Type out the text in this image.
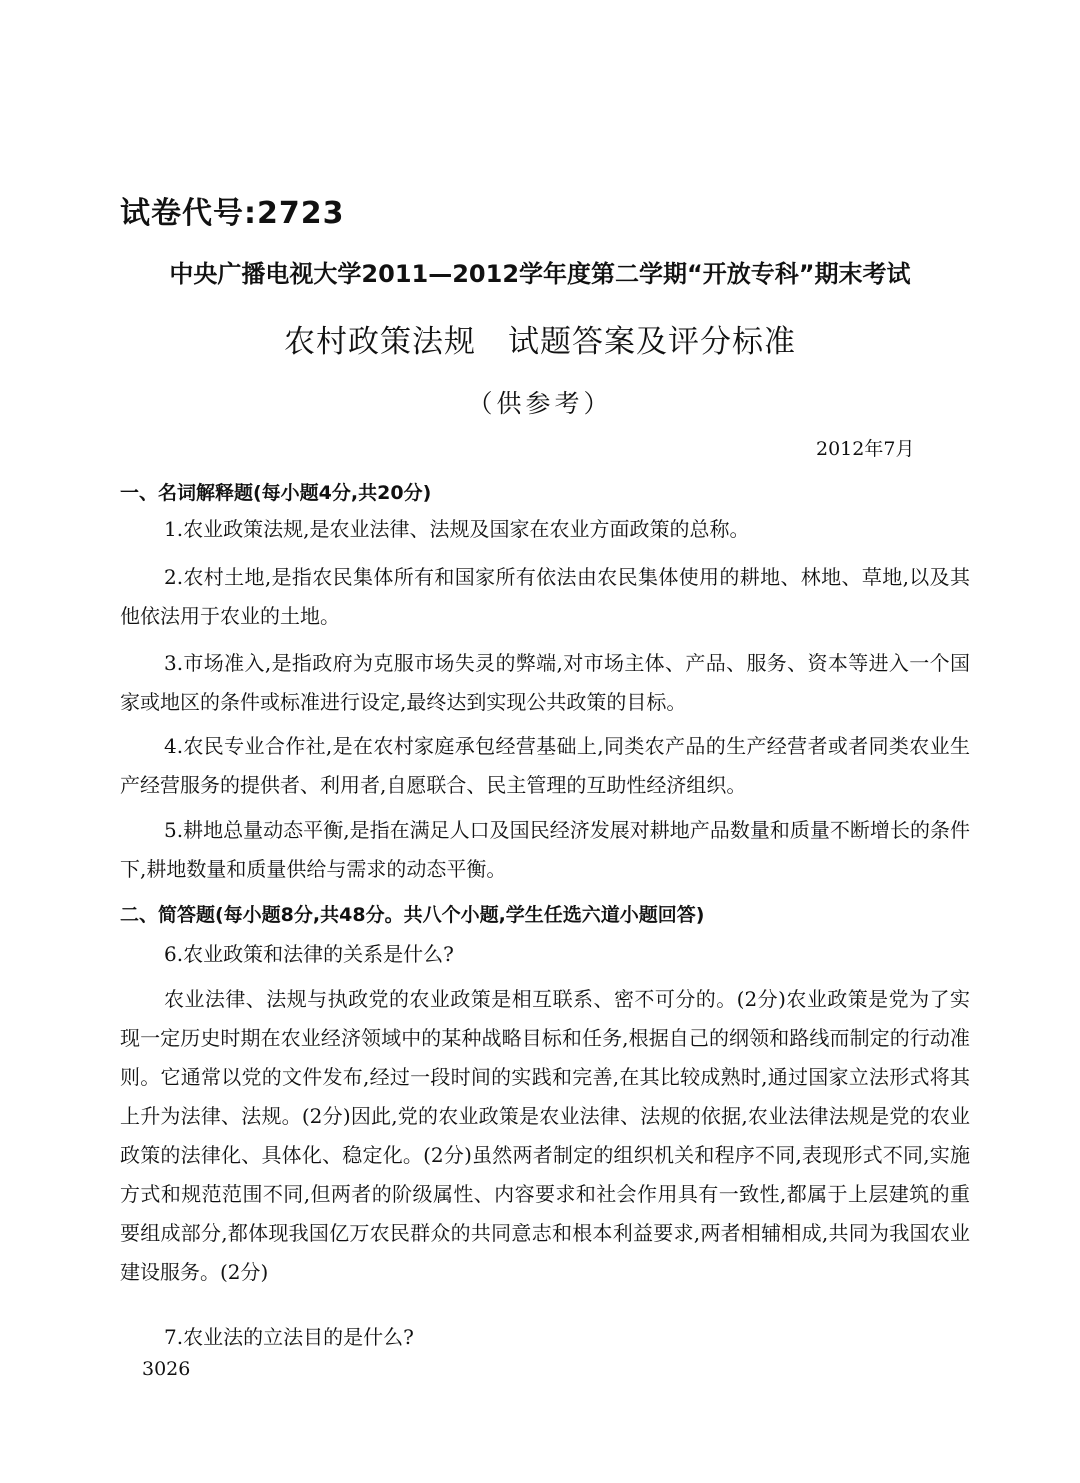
试卷代号:2723
中央广播电视大学2011—2012学年度第二学期“开放专科”期末考试
农村政策法规　试题答案及评分标准
（供参考）
2012年7月
一、名词解释题(每小题4分,共20分)
1.农业政策法规,是农业法律、法规及国家在农业方面政策的总称。
2.农村土地,是指农民集体所有和国家所有依法由农民集体使用的耕地、林地、草地,以及其他依法用于农业的土地。
3.市场准入,是指政府为克服市场失灵的弊端,对市场主体、产品、服务、资本等进入一个国家或地区的条件或标准进行设定,最终达到实现公共政策的目标。
4.农民专业合作社,是在农村家庭承包经营基础上,同类农产品的生产经营者或者同类农业生产经营服务的提供者、利用者,自愿联合、民主管理的互助性经济组织。
5.耕地总量动态平衡,是指在满足人口及国民经济发展对耕地产品数量和质量不断增长的条件下,耕地数量和质量供给与需求的动态平衡。
二、简答题(每小题8分,共48分。共八个小题,学生任选六道小题回答)
6.农业政策和法律的关系是什么?
农业法律、法规与执政党的农业政策是相互联系、密不可分的。(2分)农业政策是党为了实现一定历史时期在农业经济领域中的某种战略目标和任务,根据自己的纲领和路线而制定的行动准则。它通常以党的文件发布,经过一段时间的实践和完善,在其比较成熟时,通过国家立法形式将其上升为法律、法规。(2分)因此,党的农业政策是农业法律、法规的依据,农业法律法规是党的农业政策的法律化、具体化、稳定化。(2分)虽然两者制定的组织机关和程序不同,表现形式不同,实施方式和规范范围不同,但两者的阶级属性、内容要求和社会作用具有一致性,都属于上层建筑的重要组成部分,都体现我国亿万农民群众的共同意志和根本利益要求,两者相辅相成,共同为我国农业建设服务。(2分)
7.农业法的立法目的是什么?
3026
